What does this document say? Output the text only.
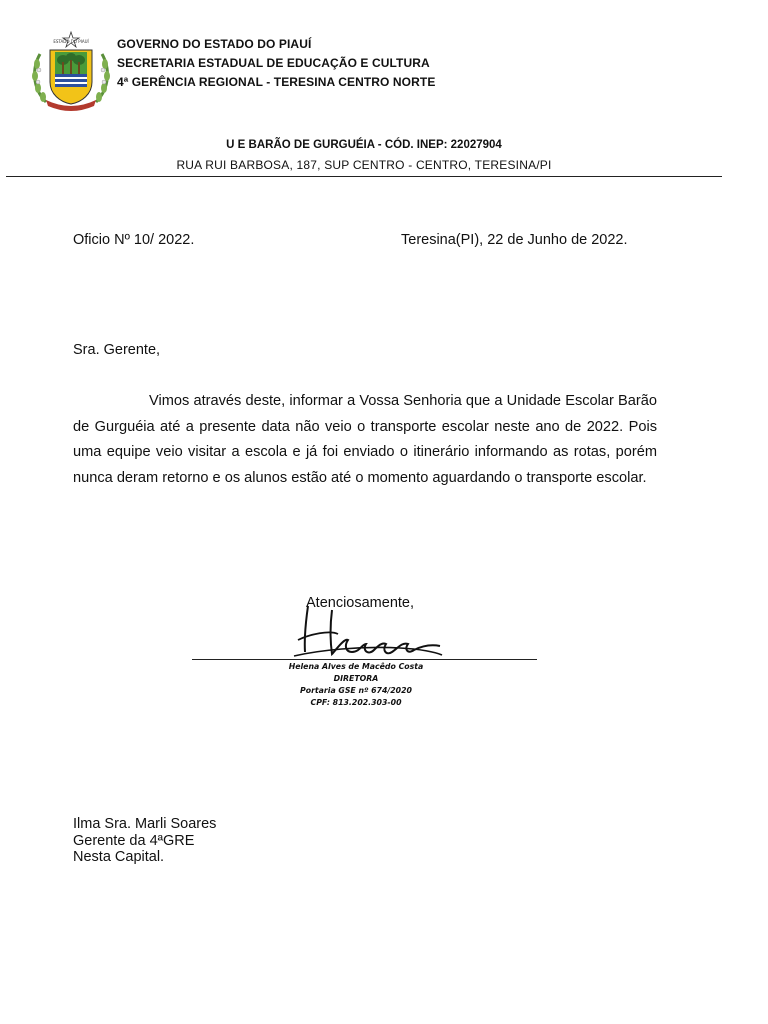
ESTADO DO PIAUÍ GOVERNO DO ESTADO DO PIAUÍ
SECRETARIA ESTADUAL DE EDUCAÇÃO E CULTURA
4ª GERÊNCIA REGIONAL - TERESINA CENTRO NORTE
U E BARÃO DE GURGUÉIA - CÓD. INEP: 22027904
RUA RUI BARBOSA, 187, SUP CENTRO - CENTRO, TERESINA/PI
Oficio Nº 10/ 2022.	Teresina(PI), 22 de Junho de 2022.
Sra. Gerente,
Vimos através deste, informar a Vossa Senhoria que a Unidade Escolar Barão de Gurguéia até a presente data não veio o transporte escolar neste ano de 2022. Pois uma equipe veio visitar a escola e já foi enviado o itinerário informando as rotas, porém nunca deram retorno e os alunos estão até o momento aguardando o transporte escolar.
Atenciosamente,
Helena Alves de Macêdo Costa
DIRETORA
Portaria GSE nº 674/2020
CPF: 813.202.303-00
Ilma Sra. Marli Soares
Gerente da 4ªGRE
Nesta Capital.
